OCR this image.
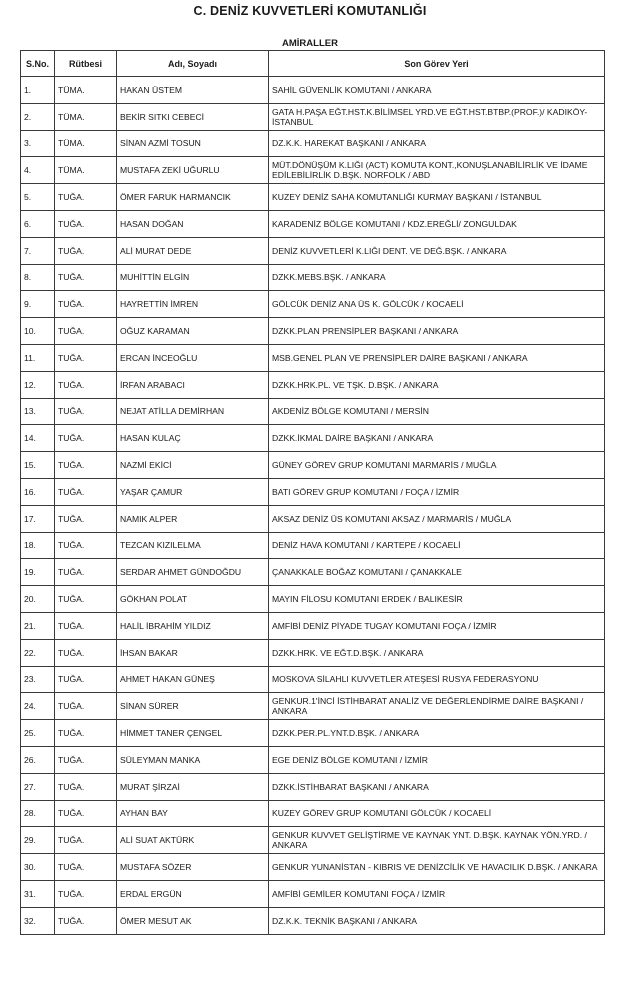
C. DENİZ KUVVETLERİ KOMUTANLIĞI
AMİRALLER
S.No.	Rütbesi	Adı, Soyadı	Son Görev Yeri
1.	TÜMA.	HAKAN ÜSTEM	SAHİL GÜVENLİK KOMUTANI / ANKARA
2.	TÜMA.	BEKİR SITKI CEBECİ	GATA H.PAŞA EĞT.HST.K.BİLİMSEL YRD.VE EĞT.HST.BTBP.(PROF.)/ KADIKÖY-İSTANBUL
3.	TÜMA.	SİNAN AZMİ TOSUN	DZ.K.K. HAREKAT BAŞKANI / ANKARA
4.	TÜMA.	MUSTAFA ZEKİ UĞURLU	MÜT.DÖNÜŞÜM K.LIĞI (ACT) KOMUTA KONT.,KONUŞLANABİLİRLİK VE İDAME EDİLEBİLİRLİK D.BŞK. NORFOLK / ABD
5.	TUĞA.	ÖMER FARUK HARMANCIK	KUZEY DENİZ SAHA KOMUTANLIĞI KURMAY BAŞKANI / İSTANBUL
6.	TUĞA.	HASAN DOĞAN	KARADENİZ BÖLGE KOMUTANI / KDZ.EREĞLİ/ ZONGULDAK
7.	TUĞA.	ALİ MURAT DEDE	DENİZ KUVVETLERİ K.LIĞI DENT. VE DEĞ.BŞK. / ANKARA
8.	TUĞA.	MUHİTTİN ELGİN	DZKK.MEBS.BŞK. / ANKARA
9.	TUĞA.	HAYRETTİN İMREN	GÖLCÜK DENİZ ANA ÜS K. GÖLCÜK / KOCAELİ
10.	TUĞA.	OĞUZ KARAMAN	DZKK.PLAN PRENSİPLER BAŞKANI / ANKARA
11.	TUĞA.	ERCAN İNCEOĞLU	MSB.GENEL PLAN VE PRENSİPLER DAİRE BAŞKANI / ANKARA
12.	TUĞA.	İRFAN ARABACI	DZKK.HRK.PL. VE TŞK. D.BŞK. / ANKARA
13.	TUĞA.	NEJAT ATİLLA DEMİRHAN	AKDENİZ BÖLGE KOMUTANI / MERSİN
14.	TUĞA.	HASAN KULAÇ	DZKK.İKMAL DAİRE BAŞKANI / ANKARA
15.	TUĞA.	NAZMİ EKİCİ	GÜNEY GÖREV GRUP KOMUTANI MARMARİS / MUĞLA
16.	TUĞA.	YAŞAR ÇAMUR	BATI GÖREV GRUP KOMUTANI / FOÇA / İZMİR
17.	TUĞA.	NAMIK ALPER	AKSAZ DENİZ ÜS KOMUTANI AKSAZ / MARMARİS / MUĞLA
18.	TUĞA.	TEZCAN KIZILELMA	DENİZ HAVA KOMUTANI / KARTEPE / KOCAELİ
19.	TUĞA.	SERDAR AHMET GÜNDOĞDU	ÇANAKKALE BOĞAZ KOMUTANI / ÇANAKKALE
20.	TUĞA.	GÖKHAN POLAT	MAYIN FİLOSU KOMUTANI ERDEK / BALIKESİR
21.	TUĞA.	HALİL İBRAHİM YILDIZ	AMFİBİ DENİZ PİYADE TUGAY KOMUTANI FOÇA / İZMİR
22.	TUĞA.	İHSAN BAKAR	DZKK.HRK. VE EĞT.D.BŞK. / ANKARA
23.	TUĞA.	AHMET HAKAN GÜNEŞ	MOSKOVA SİLAHLI KUVVETLER ATEŞESİ RUSYA FEDERASYONU
24.	TUĞA.	SİNAN SÜRER	GENKUR.1'İNCİ İSTİHBARAT ANALİZ VE DEĞERLENDİRME DAİRE BAŞKANI / ANKARA
25.	TUĞA.	HİMMET TANER ÇENGEL	DZKK.PER.PL.YNT.D.BŞK. / ANKARA
26.	TUĞA.	SÜLEYMAN MANKA	EGE DENİZ BÖLGE KOMUTANI / İZMİR
27.	TUĞA.	MURAT ŞİRZAİ	DZKK.İSTİHBARAT BAŞKANI / ANKARA
28.	TUĞA.	AYHAN BAY	KUZEY GÖREV GRUP KOMUTANI GÖLCÜK / KOCAELİ
29.	TUĞA.	ALİ SUAT AKTÜRK	GENKUR KUVVET GELİŞTİRME VE KAYNAK YNT. D.BŞK. KAYNAK YÖN.YRD. / ANKARA
30.	TUĞA.	MUSTAFA SÖZER	GENKUR YUNANİSTAN - KIBRIS VE DENİZCİLİK VE HAVACILIK D.BŞK. / ANKARA
31.	TUĞA.	ERDAL ERGÜN	AMFİBİ GEMİLER KOMUTANI FOÇA / İZMİR
32.	TUĞA.	ÖMER MESUT AK	DZ.K.K. TEKNİK BAŞKANI / ANKARA
